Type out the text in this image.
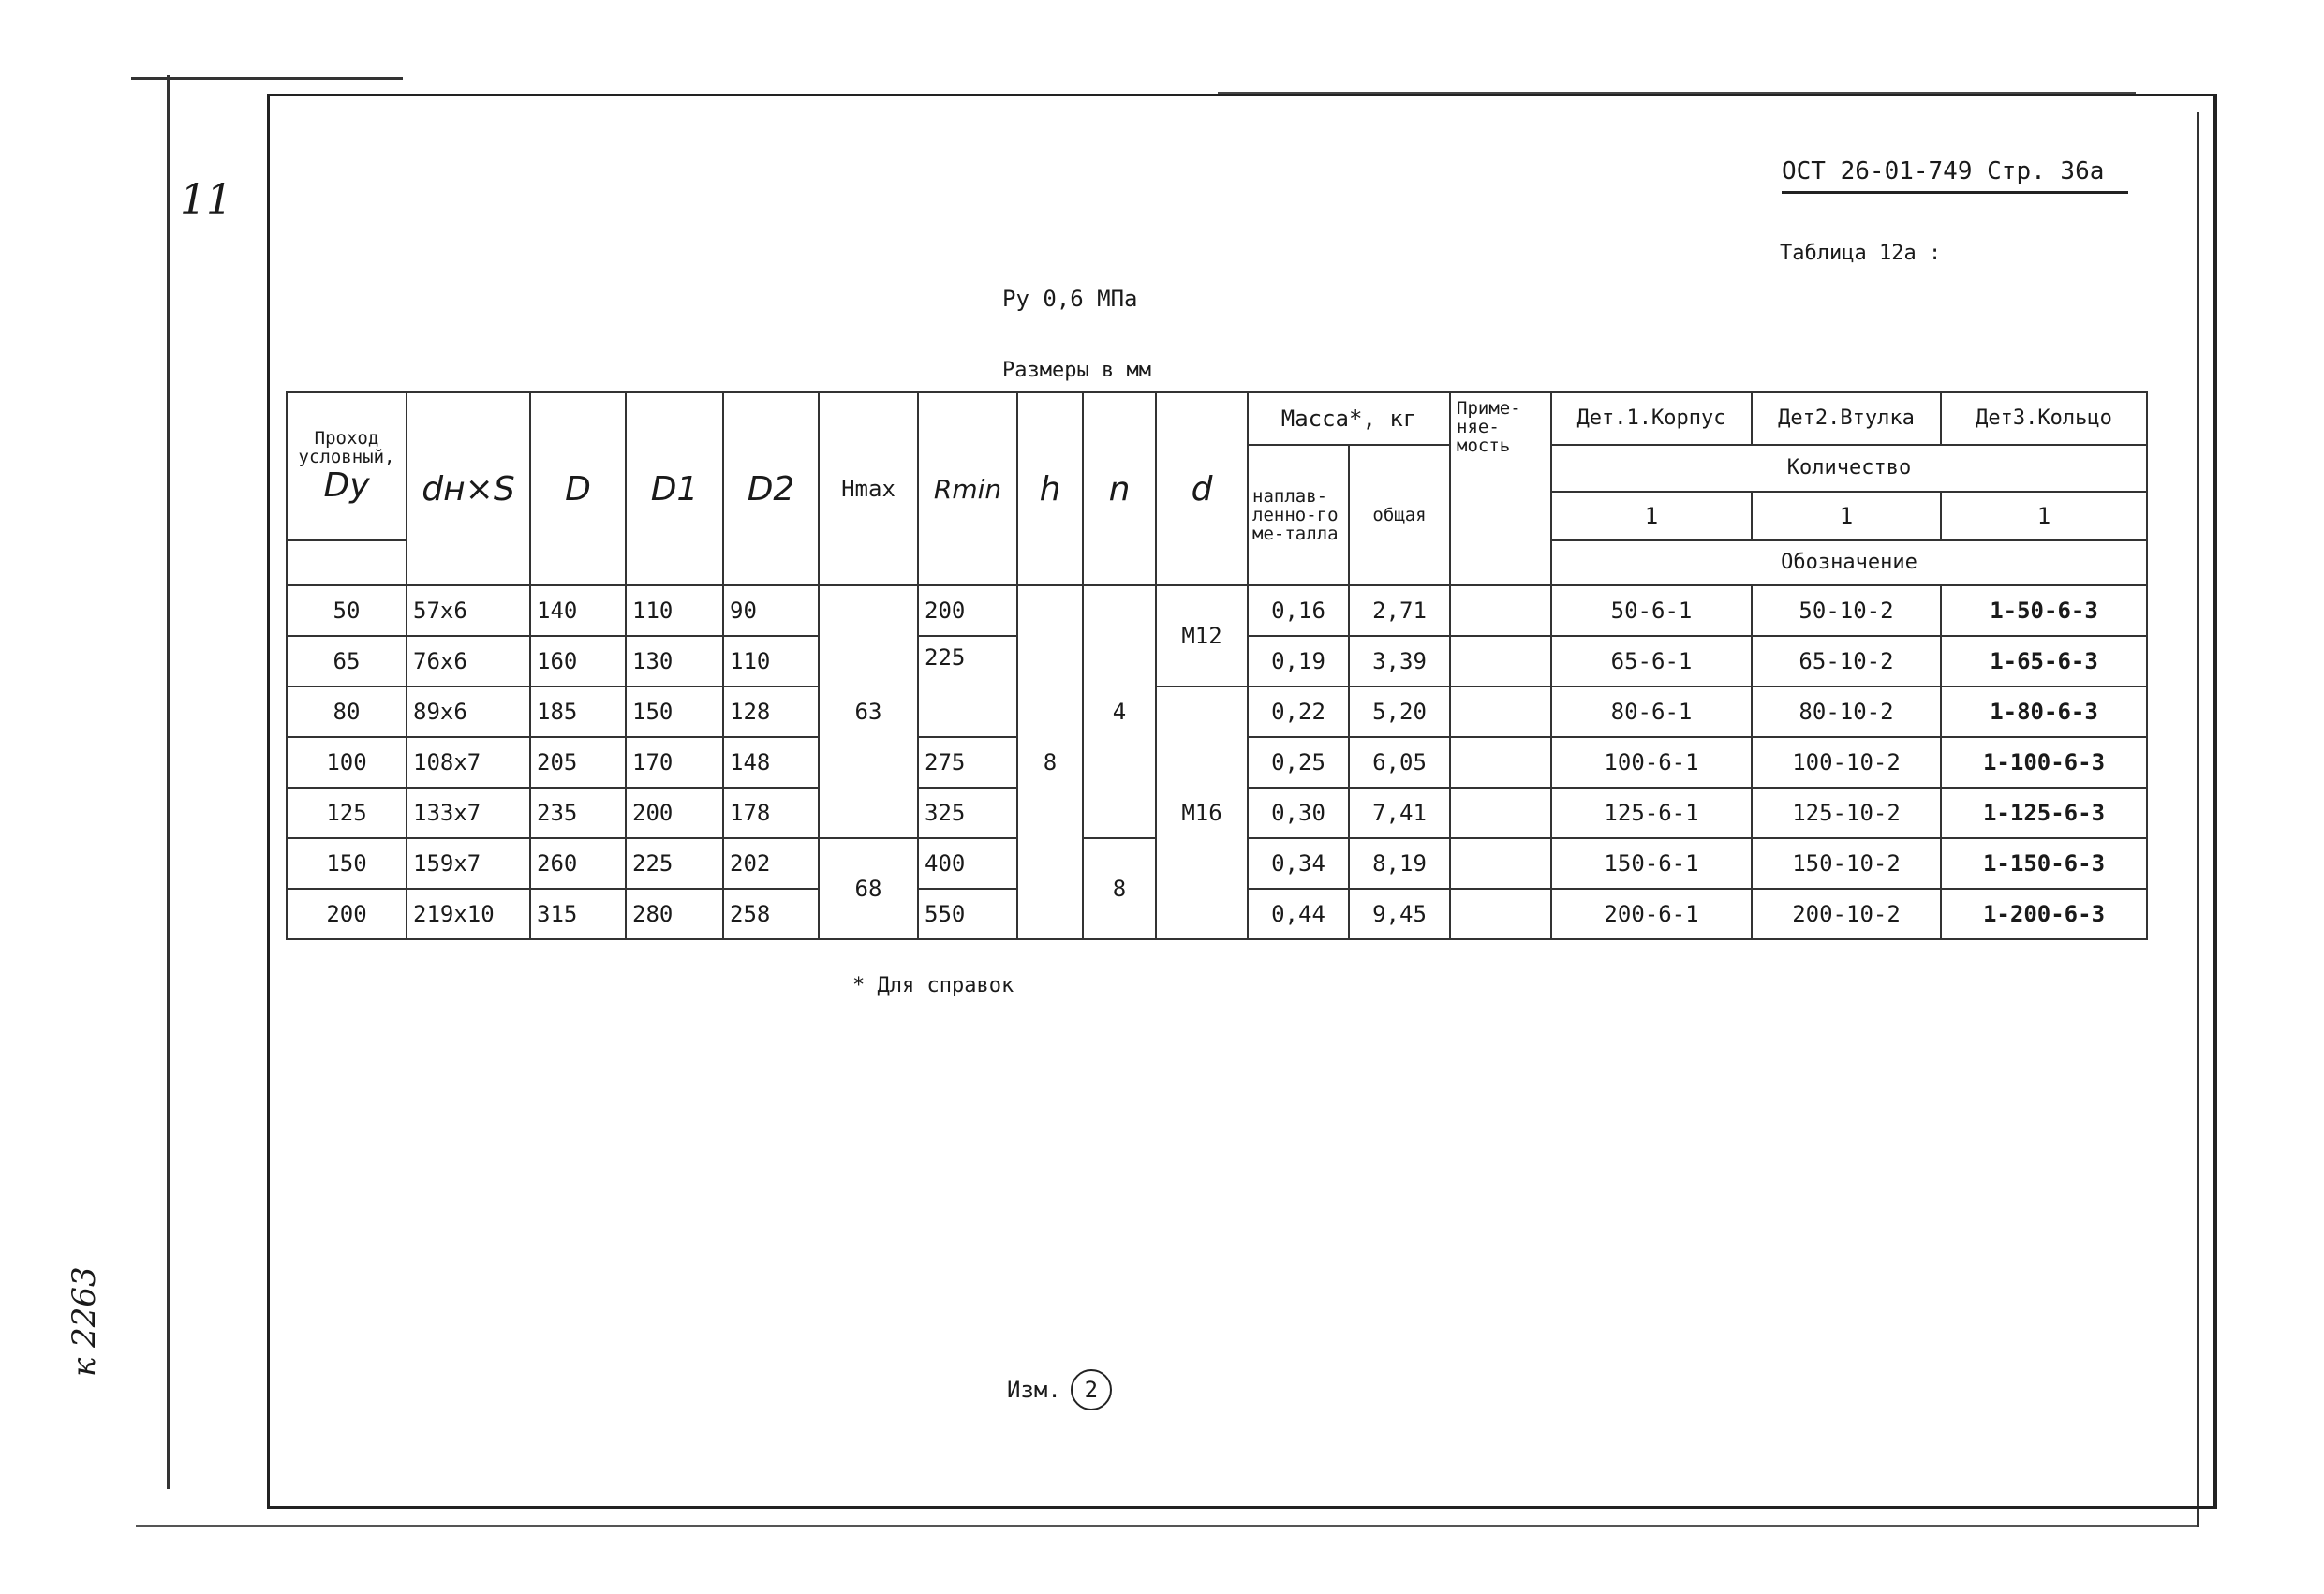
11
к 2263
ОСТ 26-01-749 Стр. 36а
Таблица 12а :
Ру 0,6 МПа
Размеры в мм
Проход условный,
Dу	dн×S	D	D1	D2	Hmax	Rmin	h	n	d	Масса*, кг		Приме-няе-мость	Дет.1.Корпус	Дет2.Втулка	Дет3.Кольцо
										наплав-ленно-го ме-талла	общая		Количество		
													1	1	1
													Обозначение		
50	57х6	140	110	90	63	200	8	4	М12	0,16	2,71		50-6-1	50-10-2	1-50-6-3
65	76х6	160	130	110		225				0,19	3,39		65-6-1	65-10-2	1-65-6-3
80	89х6	185	150	128					М16	0,22	5,20		80-6-1	80-10-2	1-80-6-3
100	108х7	205	170	148		275				0,25	6,05		100-6-1	100-10-2	1-100-6-3
125	133х7	235	200	178		325				0,30	7,41		125-6-1	125-10-2	1-125-6-3
150	159х7	260	225	202	68	400		8		0,34	8,19		150-6-1	150-10-2	1-150-6-3
200	219х10	315	280	258		550				0,44	9,45		200-6-1	200-10-2	1-200-6-3
* Для справок
Изм.	2
